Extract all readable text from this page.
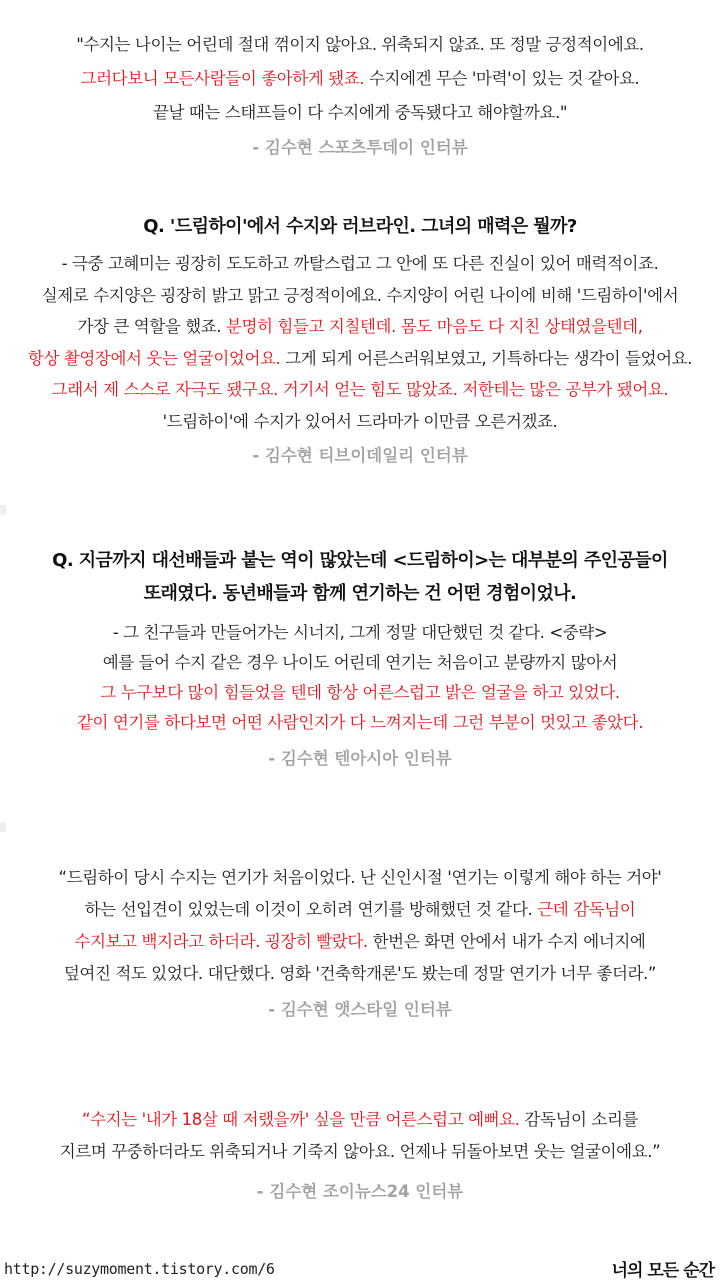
"수지는 나이는 어린데 절대 꺾이지 않아요. 위축되지 않죠. 또 정말 긍정적이에요.
그러다보니 모든사람들이 좋아하게 됐죠. 수지에겐 무슨 '마력'이 있는 것 같아요.
끝날 때는 스태프들이 다 수지에게 중독됐다고 해야할까요."
- 김수현 스포츠투데이 인터뷰
Q. '드림하이'에서 수지와 러브라인. 그녀의 매력은 뭘까?
- 극중 고혜미는 굉장히 도도하고 까탈스럽고 그 안에 또 다른 진실이 있어 매력적이죠.
실제로 수지양은 굉장히 밝고 맑고 긍정적이에요. 수지양이 어린 나이에 비해 '드림하이'에서
가장 큰 역할을 했죠. 분명히 힘들고 지칠텐데. 몸도 마음도 다 지친 상태였을텐데,
항상 촬영장에서 웃는 얼굴이었어요. 그게 되게 어른스러워보였고, 기특하다는 생각이 들었어요.
그래서 제 스스로 자극도 됐구요. 거기서 얻는 힘도 많았죠. 저한테는 많은 공부가 됐어요.
'드림하이'에 수지가 있어서 드라마가 이만큼 오른거겠죠.
- 김수현 티브이데일리 인터뷰
Q. 지금까지 대선배들과 붙는 역이 많았는데 <드림하이>는 대부분의 주인공들이
또래였다. 동년배들과 함께 연기하는 건 어떤 경험이었나.
- 그 친구들과 만들어가는 시너지, 그게 정말 대단했던 것 같다. <중략>
예를 들어 수지 같은 경우 나이도 어린데 연기는 처음이고 분량까지 많아서
그 누구보다 많이 힘들었을 텐데 항상 어른스럽고 밝은 얼굴을 하고 있었다.
같이 연기를 하다보면 어떤 사람인지가 다 느껴지는데 그런 부분이 멋있고 좋았다.
- 김수현 텐아시아 인터뷰
“드림하이 당시 수지는 연기가 처음이었다. 난 신인시절 '연기는 이렇게 해야 하는 거야'
하는 선입견이 있었는데 이것이 오히려 연기를 방해했던 것 같다. 근데 감독님이
수지보고 백지라고 하더라. 굉장히 빨랐다. 한번은 화면 안에서 내가 수지 에너지에
덮여진 적도 있었다. 대단했다. 영화 '건축학개론'도 봤는데 정말 연기가 너무 좋더라.”
- 김수현 앳스타일 인터뷰
“수지는 '내가 18살 때 저랬을까' 싶을 만큼 어른스럽고 예뻐요. 감독님이 소리를
지르며 꾸중하더라도 위축되거나 기죽지 않아요. 언제나 뒤돌아보면 웃는 얼굴이에요.”
- 김수현 조이뉴스24 인터뷰
http://suzymoment.tistory.com/6	너의 모든 순간
